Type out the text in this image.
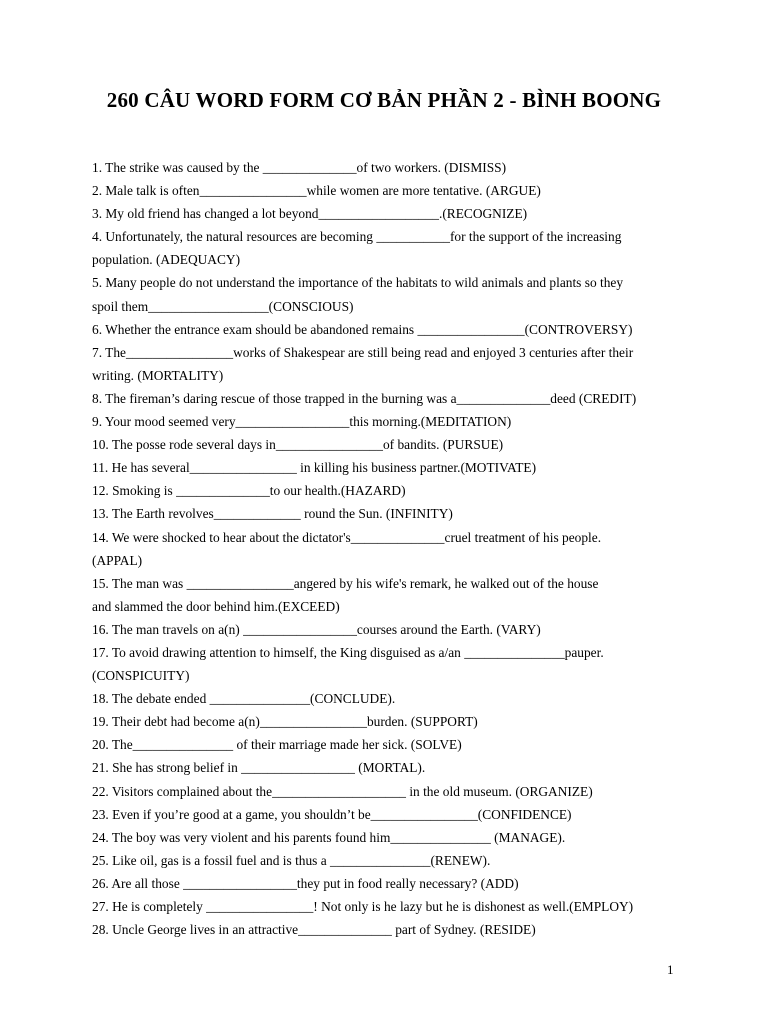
260 CÂU WORD FORM CƠ BẢN PHẦN 2 - BÌNH BOONG
1. The strike was caused by the ______________of two workers. (DISMISS)
2. Male talk is often________________while women are more tentative. (ARGUE)
3. My old friend has changed a lot beyond__________________.(RECOGNIZE)
4. Unfortunately, the natural resources are becoming ___________for the support of the increasing
population. (ADEQUACY)
5. Many people do not understand the importance of the habitats to wild animals and plants so they
spoil them__________________(CONSCIOUS)
6. Whether the entrance exam should be abandoned remains ________________(CONTROVERSY)
7. The________________works of Shakespear are still being read and enjoyed 3 centuries after their
writing. (MORTALITY)
8. The fireman’s daring rescue of those trapped in the burning was a______________deed (CREDIT)
9. Your mood seemed very_________________this morning.(MEDITATION)
10. The posse rode several days in________________of bandits. (PURSUE)
11. He has several________________ in killing his business partner.(MOTIVATE)
12. Smoking is ______________to our health.(HAZARD)
13. The Earth revolves_____________ round the Sun. (INFINITY)
14. We were shocked to hear about the dictator's______________cruel treatment of his people.
(APPAL)
15. The man was ________________angered by his wife's remark, he walked out of the house
and slammed the door behind him.(EXCEED)
16. The man travels on a(n) _________________courses around the Earth. (VARY)
17. To avoid drawing attention to himself, the King disguised as a/an _______________pauper.
(CONSPICUITY)
18. The debate ended _______________(CONCLUDE).
19. Their debt had become a(n)________________burden. (SUPPORT)
20. The_______________ of their marriage made her sick. (SOLVE)
21. She has strong belief in _________________ (MORTAL).
22. Visitors complained about the____________________ in the old museum. (ORGANIZE)
23. Even if you’re good at a game, you shouldn’t be________________(CONFIDENCE)
24. The boy was very violent and his parents found him_______________ (MANAGE).
25. Like oil, gas is a fossil fuel and is thus a _______________(RENEW).
26. Are all those _________________they put in food really necessary? (ADD)
27. He is completely ________________! Not only is he lazy but he is dishonest as well.(EMPLOY)
28. Uncle George lives in an attractive______________ part of Sydney. (RESIDE)
1
